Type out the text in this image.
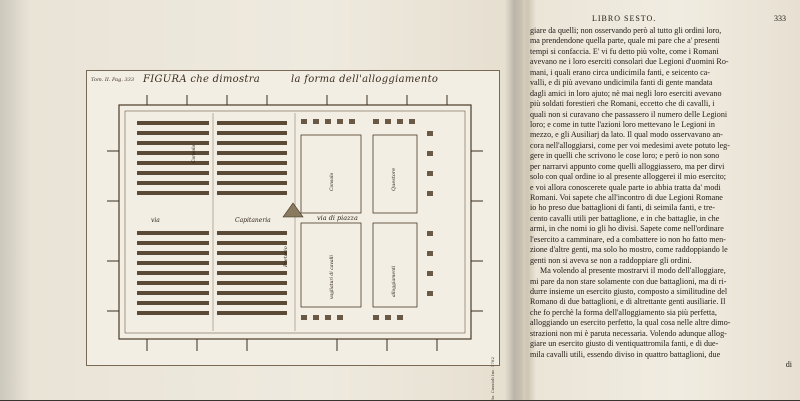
Tom. II. Pag. 333 FIGURA che dimostra	la forma dell'alloggiamento
via	Capitaneria	via di piazza
Pretorio	vagliaturi di cavalli
Questore
alloggiamenti
Consolo
Consolo
Bo. Cassioli Inc. 1782
LIBRO SESTO.	333
giare da quelli; non osservando però al tutto gli ordini loro,
ma prendendone quella parte, quale mi pare che a' presenti
tempi si confaccia. E' vi fu detto più volte, come i Romani
avevano ne i loro eserciti consolari due Legioni d'uomini Ro-
mani, i quali erano circa undicimila fanti, e seicento ca-
valli, e di più avevano undicimila fanti di gente mandata
dagli amici in loro ajuto; nè mai negli loro eserciti avevano
più soldati forestieri che Romani, eccetto che di cavalli, i
quali non si curavano che passassero il numero delle Legioni
loro; e come in tutte l'azioni loro mettevano le Legioni in
mezzo, e gli Ausiliarj da lato. Il qual modo osservavano an-
cora nell'alloggiarsi, come per voi medesimi avete potuto leg-
gere in quelli che scrivono le cose loro; e però io non sono
per narrarvi appunto come quelli alloggiassero, ma per dirvi
solo con qual ordine io al presente alloggerei il mio esercito;
e voi allora conoscerete quale parte io abbia tratta da' modi
Romani. Voi sapete che all'incontro di due Legioni Romane
io ho preso due battaglioni di fanti, di seimila fanti, e tre-
cento cavalli utili per battaglione, e in che battaglie, in che
armi, in che nomi io gli ho divisi. Sapete come nell'ordinare
l'esercito a camminare, ed a combattere io non ho fatto men-
zione d'altre genti, ma solo ho mostro, come raddoppiando le
genti non si aveva se non a raddoppiare gli ordini.
Ma volendo al presente mostrarvi il modo dell'alloggiare,
mi pare da non stare solamente con due battaglioni, ma di ri-
durre insieme un esercito giusto, composto a similitudine del
Romano di due battaglioni, e di altrettante genti ausiliarie. Il
che fo perchè la forma dell'alloggiamento sia più perfetta,
alloggiando un esercito perfetto, la qual cosa nelle altre dimo-
strazioni non mi è paruta necessaria. Volendo adunque allog-
giare un esercito giusto di ventiquattromila fanti, e di due-
mila cavalli utili, essendo diviso in quattro battaglioni, due
di
